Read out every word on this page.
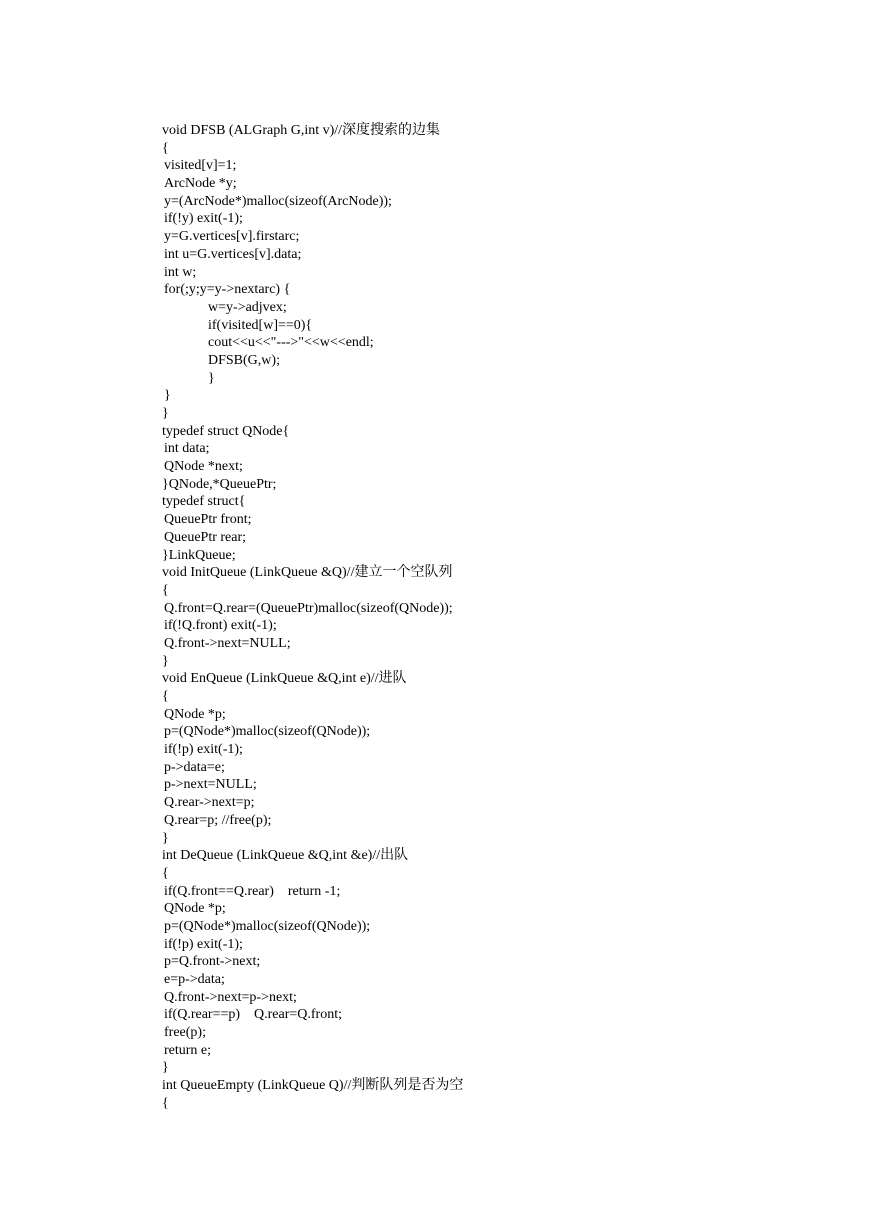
void DFSB (ALGraph G,int v)//深度搜索的边集
{
visited[v]=1;
ArcNode *y;
y=(ArcNode*)malloc(sizeof(ArcNode));
if(!y) exit(-1);
y=G.vertices[v].firstarc;
int u=G.vertices[v].data;
int w;
for(;y;y=y->nextarc) {
w=y->adjvex;
if(visited[w]==0){
cout<<u<<"--->"<<w<<endl;
DFSB(G,w);
}
}
}
typedef struct QNode{
int data;
QNode *next;
}QNode,*QueuePtr;
typedef struct{
QueuePtr front;
QueuePtr rear;
}LinkQueue;
void InitQueue (LinkQueue &Q)//建立一个空队列
{
Q.front=Q.rear=(QueuePtr)malloc(sizeof(QNode));
if(!Q.front) exit(-1);
Q.front->next=NULL;
}
void EnQueue (LinkQueue &Q,int e)//进队
{
QNode *p;
p=(QNode*)malloc(sizeof(QNode));
if(!p) exit(-1);
p->data=e;
p->next=NULL;
Q.rear->next=p;
Q.rear=p; //free(p);
}
int DeQueue (LinkQueue &Q,int &e)//出队
{
if(Q.front==Q.rear)    return -1;
QNode *p;
p=(QNode*)malloc(sizeof(QNode));
if(!p) exit(-1);
p=Q.front->next;
e=p->data;
Q.front->next=p->next;
if(Q.rear==p)    Q.rear=Q.front;
free(p);
return e;
}
int QueueEmpty (LinkQueue Q)//判断队列是否为空
{
